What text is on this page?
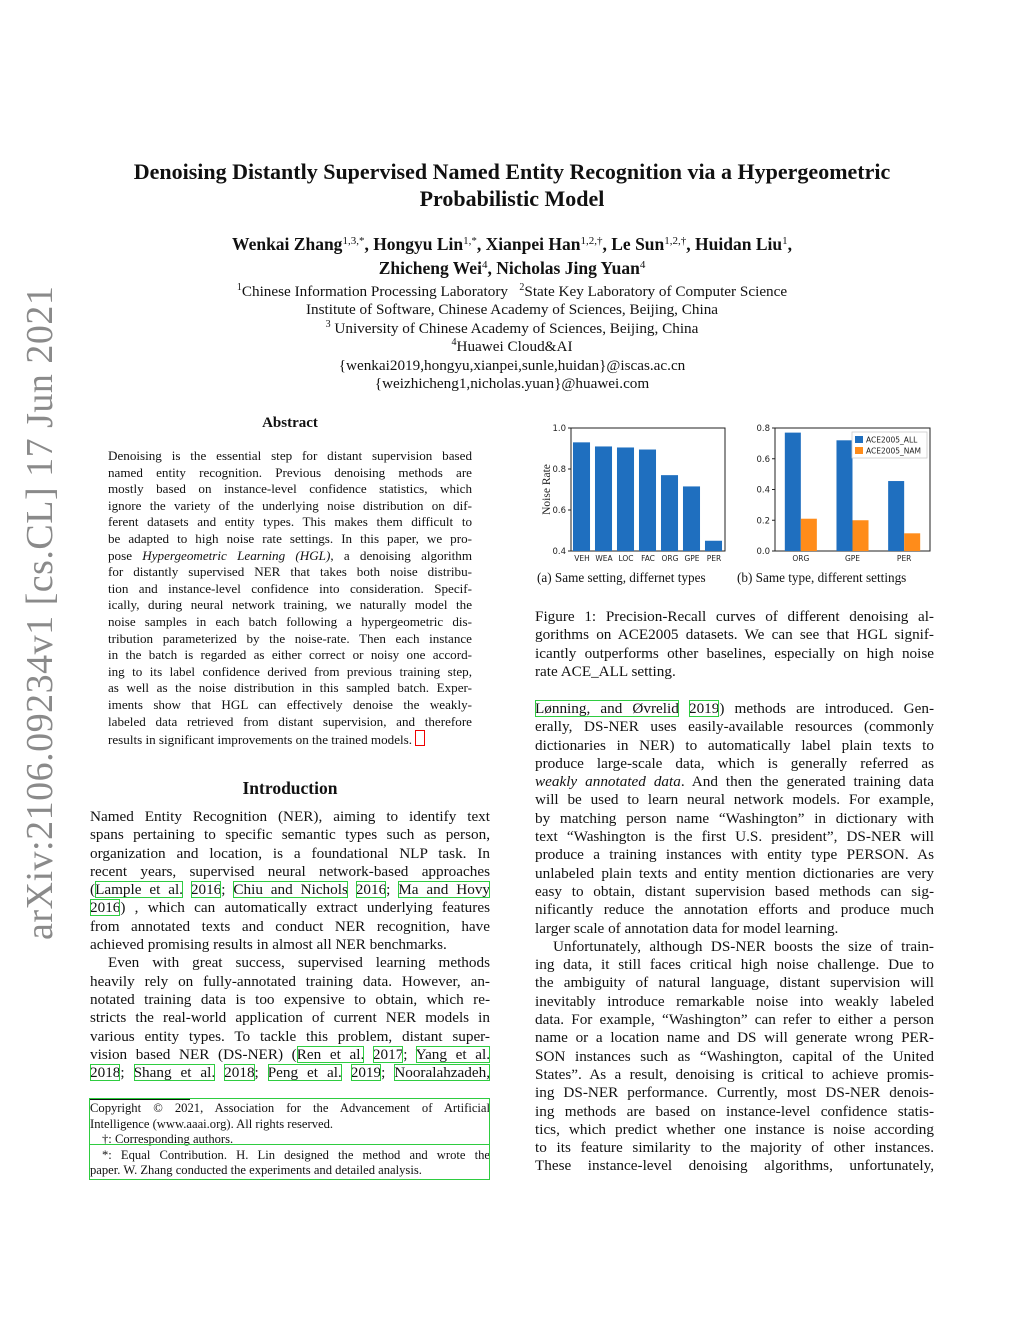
arXiv:2106.09234v1 [cs.CL] 17 Jun 2021
Denoising Distantly Supervised Named Entity Recognition via a Hypergeometric
Probabilistic Model
Wenkai Zhang$^{1,3,*}$, Hongyu Lin$^{1,*}$, Xianpei Han$^{1,2,\dagger}$, Le Sun$^{1,2,\dagger}$, Huidan Liu$^1$,
Zhicheng Wei$^4$, Nicholas Jing Yuan$^4$
$^1$Chinese Information Processing Laboratory $^2$State Key Laboratory of Computer Science
Institute of Software, Chinese Academy of Sciences, Beijing, China
$^3$ University of Chinese Academy of Sciences, Beijing, China
$^4$Huawei Cloud&AI
{wenkai2019,hongyu,xianpei,sunle,huidan}@iscas.ac.cn
{weizhicheng1,nicholas.yuan}@huawei.com
Abstract
Denoising is the essential step for distant supervision based
named entity recognition. Previous denoising methods are
mostly based on instance-level confidence statistics, which
ignore the variety of the underlying noise distribution on dif-
ferent datasets and entity types. This makes them difficult to
be adapted to high noise rate settings. In this paper, we pro-
pose Hypergeometric Learning (HGL), a denoising algorithm
for distantly supervised NER that takes both noise distribu-
tion and instance-level confidence into consideration. Specif-
ically, during neural network training, we naturally model the
noise samples in each batch following a hypergeometric dis-
tribution parameterized by the noise-rate. Then each instance
in the batch is regarded as either correct or noisy one accord-
ing to its label confidence derived from previous training step,
as well as the noise distribution in this sampled batch. Exper-
iments show that HGL can effectively denoise the weakly-
labeled data retrieved from distant supervision, and therefore
results in significant improvements on the trained models.
Introduction
Named Entity Recognition (NER), aiming to identify text
spans pertaining to specific semantic types such as person,
organization and location, is a foundational NLP task. In
recent years, supervised neural network-based approaches
(Lample et al. 2016; Chiu and Nichols 2016; Ma and Hovy
2016) , which can automatically extract underlying features
from annotated texts and conduct NER recognition, have
achieved promising results in almost all NER benchmarks.
Even with great success, supervised learning methods
heavily rely on fully-annotated training data. However, an-
notated training data is too expensive to obtain, which re-
stricts the real-world application of current NER models in
various entity types. To tackle this problem, distant super-
vision based NER (DS-NER) (Ren et al. 2017; Yang et al.
2018; Shang et al. 2018; Peng et al. 2019; Nooralahzadeh,
Copyright © 2021, Association for the Advancement of Artificial
Intelligence (www.aaai.org). All rights reserved.
†: Corresponding authors.
*: Equal Contribution. H. Lin designed the method and wrote the
paper. W. Zhang conducted the experiments and detailed analysis.
0.4
0.6
0.8
1.0
Noise Rate
VEH WEA LOC FAC ORG GPE PER
0.0
0.2
0.4
0.6
0.8
ORG	GPE	PER
ACE2005_ALL
ACE2005_NAM
(a) Same setting, differnet types (b) Same type, different settings
Figure 1: Precision-Recall curves of different denoising al-
gorithms on ACE2005 datasets. We can see that HGL signif-
icantly outperforms other baselines, especially on high noise
rate ACE_ALL setting.
Lønning, and Øvrelid 2019) methods are introduced. Gen-
erally, DS-NER uses easily-available resources (commonly
dictionaries in NER) to automatically label plain texts to
produce large-scale data, which is generally referred as
weakly annotated data. And then the generated training data
will be used to learn neural network models. For example,
by matching person name “Washington” in dictionary with
text “Washington is the first U.S. president”, DS-NER will
produce a training instances with entity type PERSON. As
unlabeled plain texts and entity mention dictionaries are very
easy to obtain, distant supervision based methods can sig-
nificantly reduce the annotation efforts and produce much
larger scale of annotation data for model learning.
Unfortunately, although DS-NER boosts the size of train-
ing data, it still faces critical high noise challenge. Due to
the ambiguity of natural language, distant supervision will
inevitably introduce remarkable noise into weakly labeled
data. For example, “Washington” can refer to either a person
name or a location name and DS will generate wrong PER-
SON instances such as “Washington, capital of the United
States”. As a result, denoising is critical to achieve promis-
ing DS-NER performance. Currently, most DS-NER denois-
ing methods are based on instance-level confidence statis-
tics, which predict whether one instance is noise according
to its feature similarity to the majority of other instances.
These instance-level denoising algorithms, unfortunately,
